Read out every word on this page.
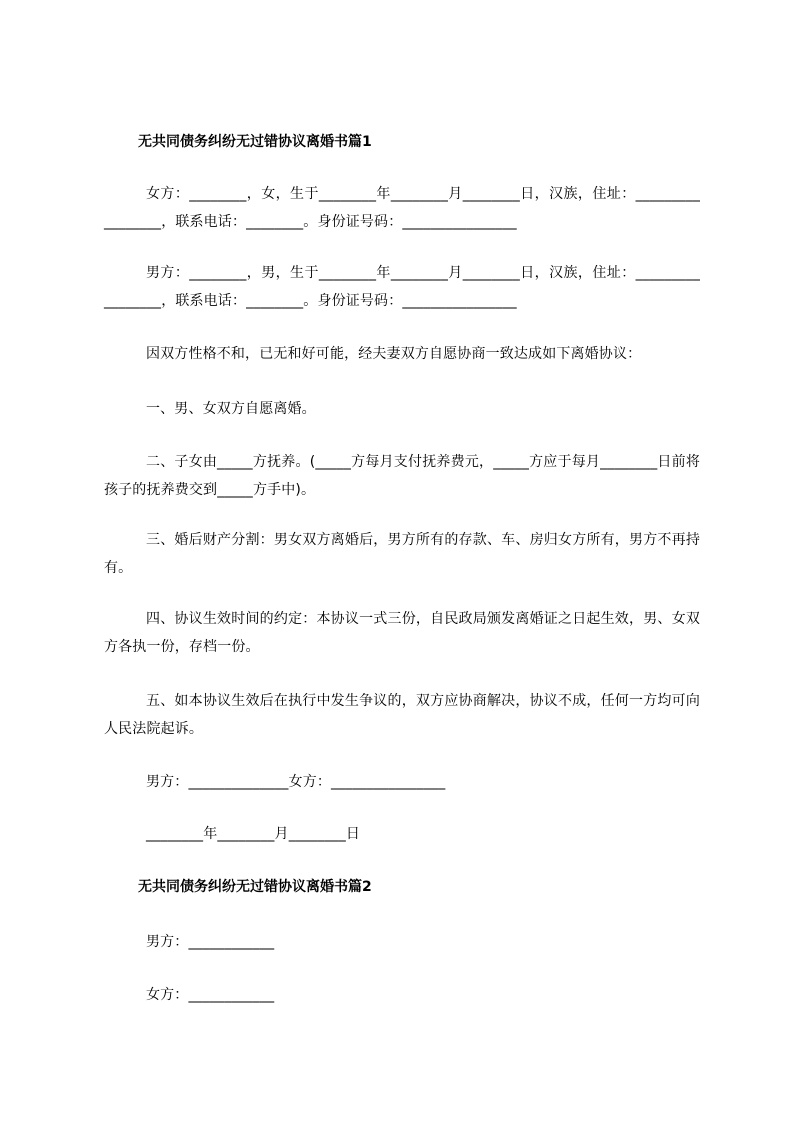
无共同债务纠纷无过错协议离婚书篇1
女方：________，女，生于________年________月________日，汉族，住址：_________________，联系电话：________。身份证号码：________________
男方：________，男，生于________年________月________日，汉族，住址：_________________，联系电话：________。身份证号码：________________
因双方性格不和，已无和好可能，经夫妻双方自愿协商一致达成如下离婚协议：
一、男、女双方自愿离婚。
二、子女由_____方抚养。(_____方每月支付抚养费元，_____方应于每月________日前将孩子的抚养费交到_____方手中)。
三、婚后财产分割：男女双方离婚后，男方所有的存款、车、房归女方所有，男方不再持有。
四、协议生效时间的约定：本协议一式三份，自民政局颁发离婚证之日起生效，男、女双方各执一份，存档一份。
五、如本协议生效后在执行中发生争议的，双方应协商解决，协议不成，任何一方均可向人民法院起诉。
男方：______________女方：________________
________年________月________日
无共同债务纠纷无过错协议离婚书篇2
男方：____________
女方：____________
